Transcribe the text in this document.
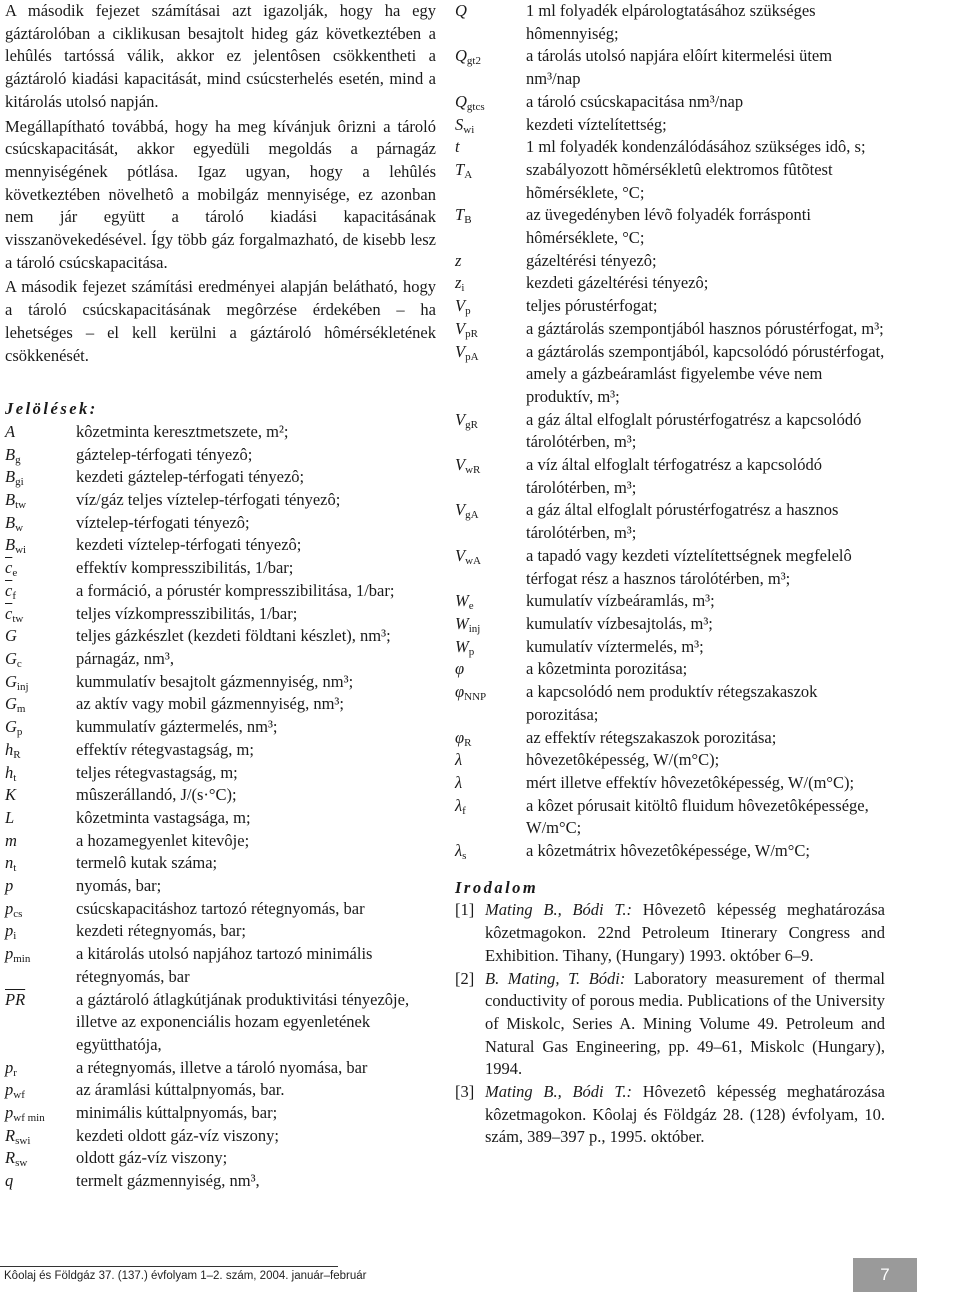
A második fejezet számításai azt igazolják, hogy ha egy gáztárolóban a ciklikusan besajtolt hideg gáz következtében a lehûlés tartóssá válik, akkor ez jelentôsen csökkentheti a gáztároló kiadási kapacitását, mind csúcsterhelés esetén, mind a kitárolás utolsó napján.

Megállapítható továbbá, hogy ha meg kívánjuk ôrizni a tároló csúcskapacitását, akkor egyedüli megoldás a párnagáz mennyiségének pótlása. Igaz ugyan, hogy a lehûlés következtében növelhetô a mobilgáz mennyisége, ez azonban nem jár együtt a tároló kiadási kapacitásának visszanövekedésével. Így több gáz forgalmazható, de kisebb lesz a tároló csúcskapacitása.

A második fejezet számítási eredményei alapján belátható, hogy a tároló csúcskapacitásának megôrzése érdekében – ha lehetséges – el kell kerülni a gáztároló hômérsékletének csökkenését.

Jelölések:

A	kôzetminta keresztmetszete, m²;
$B_g$	gáztelep-térfogati tényezô;
$B_{gi}$	kezdeti gáztelep-térfogati tényezô;
$B_{tw}$	víz/gáz teljes víztelep-térfogati tényezô;
$B_w$	víztelep-térfogati tényezô;
$B_{wi}$	kezdeti víztelep-térfogati tényezô;
$\overline{c}_e$	effektív kompresszibilitás, 1/bar;
$\overline{c}_f$	a formáció, a pórustér kompresszibilitása, 1/bar;
$\overline{c}_{tw}$	teljes vízkompresszibilitás, 1/bar;
G	teljes gázkészlet (kezdeti földtani készlet), nm³;
$G_c$	párnagáz, nm³,
$G_{inj}$	kummulatív besajtolt gázmennyiség, nm³;
$G_m$	az aktív vagy mobil gázmennyiség, nm³;
$G_p$	kummulatív gáztermelés, nm³;
$h_R$	effektív rétegvastagság, m;
$h_t$	teljes rétegvastagság, m;
K	mûszerállandó, J/(s·°C);
L	kôzetminta vastagsága, m;
m	a hozamegyenlet kitevôje;
$n_t$	termelô kutak száma;
p	nyomás, bar;
$p_{cs}$	csúcskapacitáshoz tartozó rétegnyomás, bar
$p_i$	kezdeti rétegnyomás, bar;
$p_{min}$	a kitárolás utolsó napjához tartozó minimális rétegnyomás, bar
$\overline{PR}$	a gáztároló átlagkútjának produktivitási tényezôje, illetve az exponenciális hozam egyenletének együtthatója,
$p_r$	a rétegnyomás, illetve a tároló nyomása, bar
$p_{wf}$	az áramlási kúttalpnyomás, bar.
$p_{wf min}$	minimális kúttalpnyomás, bar;
$R_{swi}$	kezdeti oldott gáz-víz viszony;
$R_{sw}$	oldott gáz-víz viszony;
q	termelt gázmennyiség, nm³,
Q	1 ml folyadék elpárologtatásához szükséges hômennyiség;
$Q_{gt2}$	a tárolás utolsó napjára elôírt kitermelési ütem nm³/nap
$Q_{gtcs}$	a tároló csúcskapacitása nm³/nap
$S_{wi}$	kezdeti víztelítettség;
t	1 ml folyadék kondenzálódásához szükséges idô, s;
$T_A$	szabályozott hõmérsékletû elektromos fûtõtest hõmérséklete, °C;
$T_B$	az üvegedényben lévõ folyadék forrásponti hômérséklete, °C;
z	gázeltérési tényezô;
$z_i$	kezdeti gázeltérési tényezô;
$V_p$	teljes pórustérfogat;
$V_{pR}$	a gáztárolás szempontjából hasznos pórustérfogat, m³;
$V_{pA}$	a gáztárolás szempontjából, kapcsolódó pórustérfogat, amely a gázbeáramlást figyelembe véve nem produktív, m³;
$V_{gR}$	a gáz által elfoglalt pórustérfogatrész a kapcsolódó tárolótérben, m³;
$V_{wR}$	a víz által elfoglalt térfogatrész a kapcsolódó tárolótérben, m³;
$V_{gA}$	a gáz által elfoglalt pórustérfogatrész a hasznos tárolótérben, m³;
$V_{wA}$	a tapadó vagy kezdeti víztelítettségnek megfelelô térfogat rész a hasznos tárolótérben, m³;
$W_e$	kumulatív vízbeáramlás, m³;
$W_{inj}$	kumulatív vízbesajtolás, m³;
$W_p$	kumulatív víztermelés, m³;
φ	a kôzetminta porozitása;
$\varphi_{NNP}$	a kapcsolódó nem produktív rétegszakaszok porozitása;
$\varphi_R$	az effektív rétegszakaszok porozitása;
λ	hôvezetôképesség, W/(m°C);
λ	mért illetve effektív hôvezetôképesség, W/(m°C);
$\lambda_f$	a kôzet pórusait kitöltô fluidum hôvezetôképessége, W/m°C;
$\lambda_s$	a kôzetmátrix hôvezetôképessége, W/m°C;

Irodalom

[1] Mating B., Bódi T.: Hôvezetô képesség meghatározása kôzetmagokon. 22nd Petroleum Itinerary Congress and Exhibition. Tihany, (Hungary) 1993. október 6–9.
[2] B. Mating, T. Bódi: Laboratory measurement of thermal conductivity of porous media. Publications of the University of Miskolc, Series A. Mining Volume 49. Petroleum and Natural Gas Engineering, pp. 49–61, Miskolc (Hungary), 1994.
[3] Mating B., Bódi T.: Hôvezetô képesség meghatározása kôzetmagokon. Kôolaj és Földgáz 28. (128) évfolyam, 10. szám, 389–397 p., 1995. október.
Kôolaj és Földgáz 37. (137.) évfolyam 1–2. szám, 2004. január–február	7
